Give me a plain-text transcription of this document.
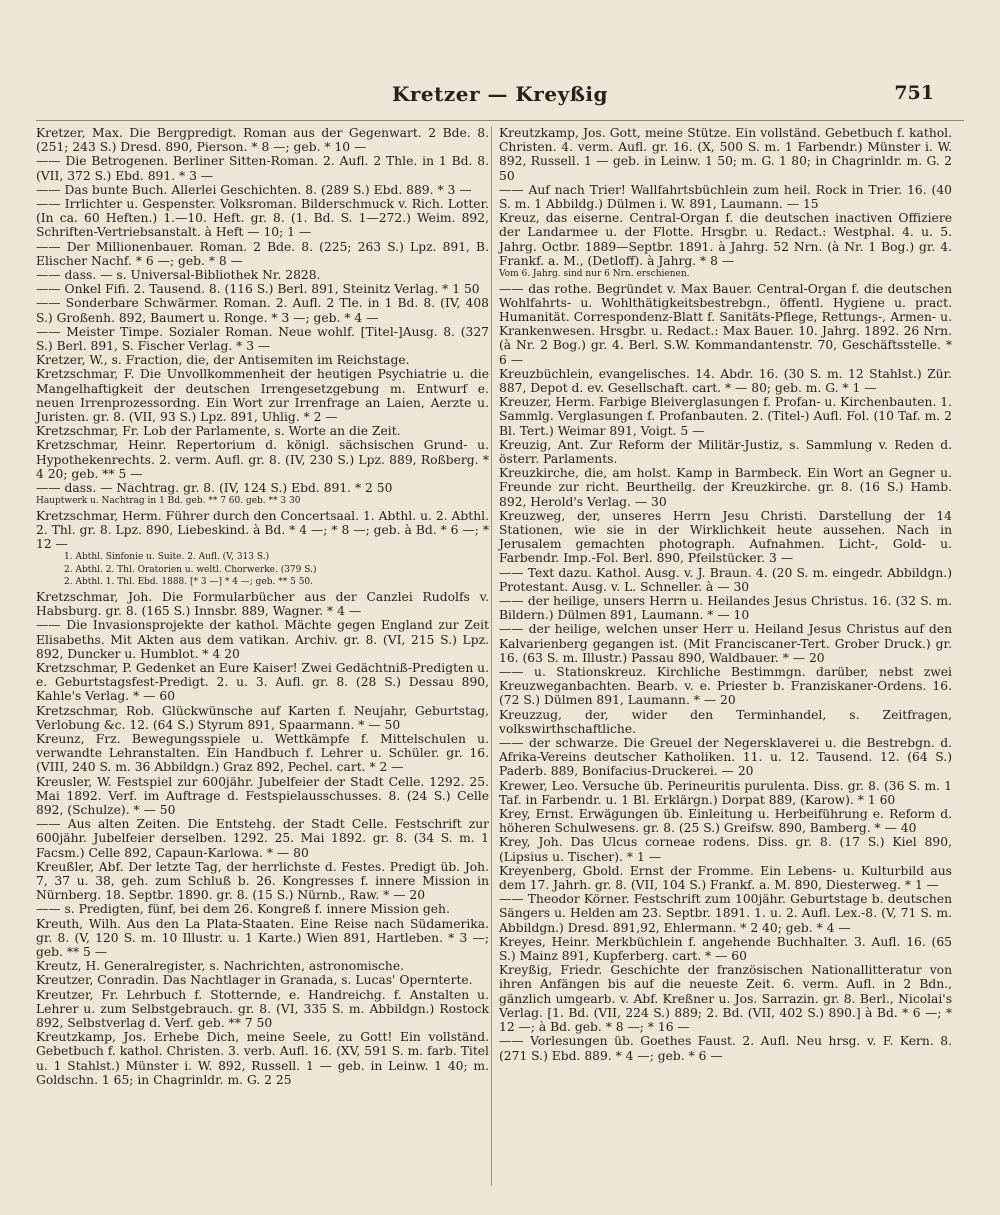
Kretzer — Kreyßig	751
Kretzer, Max. Die Bergpredigt. Roman aus der Gegenwart. 2 Bde. 8. (251; 243 S.) Dresd. 890, Pierson. * 8 —; geb. * 10 —
—— Die Betrogenen. Berliner Sitten-Roman. 2. Aufl. 2 Thle. in 1 Bd. 8. (VII, 372 S.) Ebd. 891. * 3 —
—— Das bunte Buch. Allerlei Geschichten. 8. (289 S.) Ebd. 889. * 3 —
—— Irrlichter u. Gespenster. Volksroman. Bilderschmuck v. Rich. Lotter. (In ca. 60 Heften.) 1.—10. Heft. gr. 8. (1. Bd. S. 1—272.) Weim. 892, Schriften-Vertriebsanstalt. à Heft — 10; 1 —
—— Der Millionenbauer. Roman. 2 Bde. 8. (225; 263 S.) Lpz. 891, B. Elischer Nachf. * 6 —; geb. * 8 —
—— dass. — s. Universal-Bibliothek Nr. 2828.
—— Onkel Fifi. 2. Tausend. 8. (116 S.) Berl. 891, Steinitz Verlag. * 1 50
—— Sonderbare Schwärmer. Roman. 2. Aufl. 2 Tle. in 1 Bd. 8. (IV, 408 S.) Großenh. 892, Baumert u. Ronge. * 3 —; geb. * 4 —
—— Meister Timpe. Sozialer Roman. Neue wohlf. [Titel-]Ausg. 8. (327 S.) Berl. 891, S. Fischer Verlag. * 3 —
Kretzer, W., s. Fraction, die, der Antisemiten im Reichstage.
Kretzschmar, F. Die Unvollkommenheit der heutigen Psychiatrie u. die Mangelhaftigkeit der deutschen Irrengesetzgebung m. Entwurf e. neuen Irrenprozessordng. Ein Wort zur Irrenfrage an Laien, Aerzte u. Juristen. gr. 8. (VII, 93 S.) Lpz. 891, Uhlig. * 2 —
Kretzschmar, Fr. Lob der Parlamente, s. Worte an die Zeit.
Kretzschmar, Heinr. Repertorium d. königl. sächsischen Grund- u. Hypothekenrechts. 2. verm. Aufl. gr. 8. (IV, 230 S.) Lpz. 889, Roßberg. * 4 20; geb. ** 5 —
—— dass. — Nachtrag. gr. 8. (IV, 124 S.) Ebd. 891. * 2 50
Hauptwerk u. Nachtrag in 1 Bd. geb. ** 7 60. geb. ** 3 30
Kretzschmar, Herm. Führer durch den Concertsaal. 1. Abthl. u. 2. Abthl. 2. Thl. gr. 8. Lpz. 890, Liebeskind. à Bd. * 4 —; * 8 —; geb. à Bd. * 6 —; * 12 —
1. Abthl. Sinfonie u. Suite. 2. Aufl. (V, 313 S.)
2. Abthl. 2. Thl. Oratorien u. weltl. Chorwerke. (379 S.)
2. Abthl. 1. Thl. Ebd. 1888. [* 3 —] * 4 —; geb. ** 5 50.
Kretzschmar, Joh. Die Formularbücher aus der Canzlei Rudolfs v. Habsburg. gr. 8. (165 S.) Innsbr. 889, Wagner. * 4 —
—— Die Invasionsprojekte der kathol. Mächte gegen England zur Zeit Elisabeths. Mit Akten aus dem vatikan. Archiv. gr. 8. (VI, 215 S.) Lpz. 892, Duncker u. Humblot. * 4 20
Kretzschmar, P. Gedenket an Eure Kaiser! Zwei Gedächtniß-Predigten u. e. Geburtstagsfest-Predigt. 2. u. 3. Aufl. gr. 8. (28 S.) Dessau 890, Kahle's Verlag. * — 60
Kretzschmar, Rob. Glückwünsche auf Karten f. Neujahr, Geburtstag, Verlobung &c. 12. (64 S.) Styrum 891, Spaarmann. * — 50
Kreunz, Frz. Bewegungsspiele u. Wettkämpfe f. Mittelschulen u. verwandte Lehranstalten. Ein Handbuch f. Lehrer u. Schüler. gr. 16. (VIII, 240 S. m. 36 Abbildgn.) Graz 892, Pechel. cart. * 2 —
Kreusler, W. Festspiel zur 600jähr. Jubelfeier der Stadt Celle. 1292. 25. Mai 1892. Verf. im Auftrage d. Festspielausschusses. 8. (24 S.) Celle 892, (Schulze). * — 50
—— Aus alten Zeiten. Die Entstehg. der Stadt Celle. Festschrift zur 600jähr. Jubelfeier derselben. 1292. 25. Mai 1892. gr. 8. (34 S. m. 1 Facsm.) Celle 892, Capaun-Karlowa. * — 80
Kreußler, Abf. Der letzte Tag, der herrlichste d. Festes. Predigt üb. Joh. 7, 37 u. 38, geh. zum Schluß b. 26. Kongresses f. innere Mission in Nürnberg. 18. Septbr. 1890. gr. 8. (15 S.) Nürnb., Raw. * — 20
—— s. Predigten, fünf, bei dem 26. Kongreß f. innere Mission geh.
Kreuth, Wilh. Aus den La Plata-Staaten. Eine Reise nach Südamerika. gr. 8. (V, 120 S. m. 10 Illustr. u. 1 Karte.) Wien 891, Hartleben. * 3 —; geb. ** 5 —
Kreutz, H. Generalregister, s. Nachrichten, astronomische.
Kreutzer, Conradin. Das Nachtlager in Granada, s. Lucas' Opernterte.
Kreutzer, Fr. Lehrbuch f. Stotternde, e. Handreichg. f. Anstalten u. Lehrer u. zum Selbstgebrauch. gr. 8. (VI, 335 S. m. Abbildgn.) Rostock 892, Selbstverlag d. Verf. geb. ** 7 50
Kreutzkamp, Jos. Erhebe Dich, meine Seele, zu Gott! Ein vollständ. Gebetbuch f. kathol. Christen. 3. verb. Aufl. 16. (XV, 591 S. m. farb. Titel u. 1 Stahlst.) Münster i. W. 892, Russell. 1 — geb. in Leinw. 1 40; m. Goldschn. 1 65; in Chagrinldr. m. G. 2 25
Kreutzkamp, Jos. Gott, meine Stütze. Ein vollständ. Gebetbuch f. kathol. Christen. 4. verm. Aufl. gr. 16. (X, 500 S. m. 1 Farbendr.) Münster i. W. 892, Russell. 1 — geb. in Leinw. 1 50; m. G. 1 80; in Chagrinldr. m. G. 2 50
—— Auf nach Trier! Wallfahrtsbüchlein zum heil. Rock in Trier. 16. (40 S. m. 1 Abbildg.) Dülmen i. W. 891, Laumann. — 15
Kreuz, das eiserne. Central-Organ f. die deutschen inactiven Offiziere der Landarmee u. der Flotte. Hrsgbr. u. Redact.: Westphal. 4. u. 5. Jahrg. Octbr. 1889—Septbr. 1891. à Jahrg. 52 Nrn. (à Nr. 1 Bog.) gr. 4. Frankf. a. M., (Detloff). à Jahrg. * 8 —
Vom 6. Jahrg. sind nur 6 Nrn. erschienen.
—— das rothe. Begründet v. Max Bauer. Central-Organ f. die deutschen Wohlfahrts- u. Wohlthätigkeitsbestrebgn., öffentl. Hygiene u. pract. Humanität. Correspondenz-Blatt f. Sanitäts-Pflege, Rettungs-, Armen- u. Krankenwesen. Hrsgbr. u. Redact.: Max Bauer. 10. Jahrg. 1892. 26 Nrn. (à Nr. 2 Bog.) gr. 4. Berl. S.W. Kommandantenstr. 70, Geschäftsstelle. * 6 —
Kreuzbüchlein, evangelisches. 14. Abdr. 16. (30 S. m. 12 Stahlst.) Zür. 887, Depot d. ev. Gesellschaft. cart. * — 80; geb. m. G. * 1 —
Kreuzer, Herm. Farbige Bleiverglasungen f. Profan- u. Kirchenbauten. 1. Sammlg. Verglasungen f. Profanbauten. 2. (Titel-) Aufl. Fol. (10 Taf. m. 2 Bl. Tert.) Weimar 891, Voigt. 5 —
Kreuzig, Ant. Zur Reform der Militär-Justiz, s. Sammlung v. Reden d. österr. Parlaments.
Kreuzkirche, die, am holst. Kamp in Barmbeck. Ein Wort an Gegner u. Freunde zur richt. Beurtheilg. der Kreuzkirche. gr. 8. (16 S.) Hamb. 892, Herold's Verlag. — 30
Kreuzweg, der, unseres Herrn Jesu Christi. Darstellung der 14 Stationen, wie sie in der Wirklichkeit heute aussehen. Nach in Jerusalem gemachten photograph. Aufnahmen. Licht-, Gold- u. Farbendr. Imp.-Fol. Berl. 890, Pfeilstücker. 3 —
—— Text dazu. Kathol. Ausg. v. J. Braun. 4. (20 S. m. eingedr. Abbildgn.) Protestant. Ausg. v. L. Schneller. à — 30
—— der heilige, unsers Herrn u. Heilandes Jesus Christus. 16. (32 S. m. Bildern.) Dülmen 891, Laumann. * — 10
—— der heilige, welchen unser Herr u. Heiland Jesus Christus auf den Kalvarienberg gegangen ist. (Mit Franciscaner-Tert. Grober Druck.) gr. 16. (63 S. m. Illustr.) Passau 890, Waldbauer. * — 20
—— u. Stationskreuz. Kirchliche Bestimmgn. darüber, nebst zwei Kreuzweganbachten. Bearb. v. e. Priester b. Franziskaner-Ordens. 16. (72 S.) Dülmen 891, Laumann. * — 20
Kreuzzug, der, wider den Terminhandel, s. Zeitfragen, volkswirthschaftliche.
—— der schwarze. Die Greuel der Negersklaverei u. die Bestrebgn. d. Afrika-Vereins deutscher Katholiken. 11. u. 12. Tausend. 12. (64 S.) Paderb. 889, Bonifacius-Druckerei. — 20
Krewer, Leo. Versuche üb. Perineuritis purulenta. Diss. gr. 8. (36 S. m. 1 Taf. in Farbendr. u. 1 Bl. Erklärgn.) Dorpat 889, (Karow). * 1 60
Krey, Ernst. Erwägungen üb. Einleitung u. Herbeiführung e. Reform d. höheren Schulwesens. gr. 8. (25 S.) Greifsw. 890, Bamberg. * — 40
Krey, Joh. Das Ulcus corneae rodens. Diss. gr. 8. (17 S.) Kiel 890, (Lipsius u. Tischer). * 1 —
Kreyenberg, Gbold. Ernst der Fromme. Ein Lebens- u. Kulturbild aus dem 17. Jahrh. gr. 8. (VII, 104 S.) Frankf. a. M. 890, Diesterweg. * 1 —
—— Theodor Körner. Festschrift zum 100jähr. Geburtstage b. deutschen Sängers u. Helden am 23. Septbr. 1891. 1. u. 2. Aufl. Lex.-8. (V, 71 S. m. Abbildgn.) Dresd. 891,92, Ehlermann. * 2 40; geb. * 4 —
Kreyes, Heinr. Merkbüchlein f. angehende Buchhalter. 3. Aufl. 16. (65 S.) Mainz 891, Kupferberg. cart. * — 60
Kreyßig, Friedr. Geschichte der französischen Nationallitteratur von ihren Anfängen bis auf die neueste Zeit. 6. verm. Aufl. in 2 Bdn., gänzlich umgearb. v. Abf. Kreßner u. Jos. Sarrazin. gr. 8. Berl., Nicolai's Verlag. [1. Bd. (VII, 224 S.) 889; 2. Bd. (VII, 402 S.) 890.] à Bd. * 6 —; * 12 —; à Bd. geb. * 8 —; * 16 —
—— Vorlesungen üb. Goethes Faust. 2. Aufl. Neu hrsg. v. F. Kern. 8. (271 S.) Ebd. 889. * 4 —; geb. * 6 —
